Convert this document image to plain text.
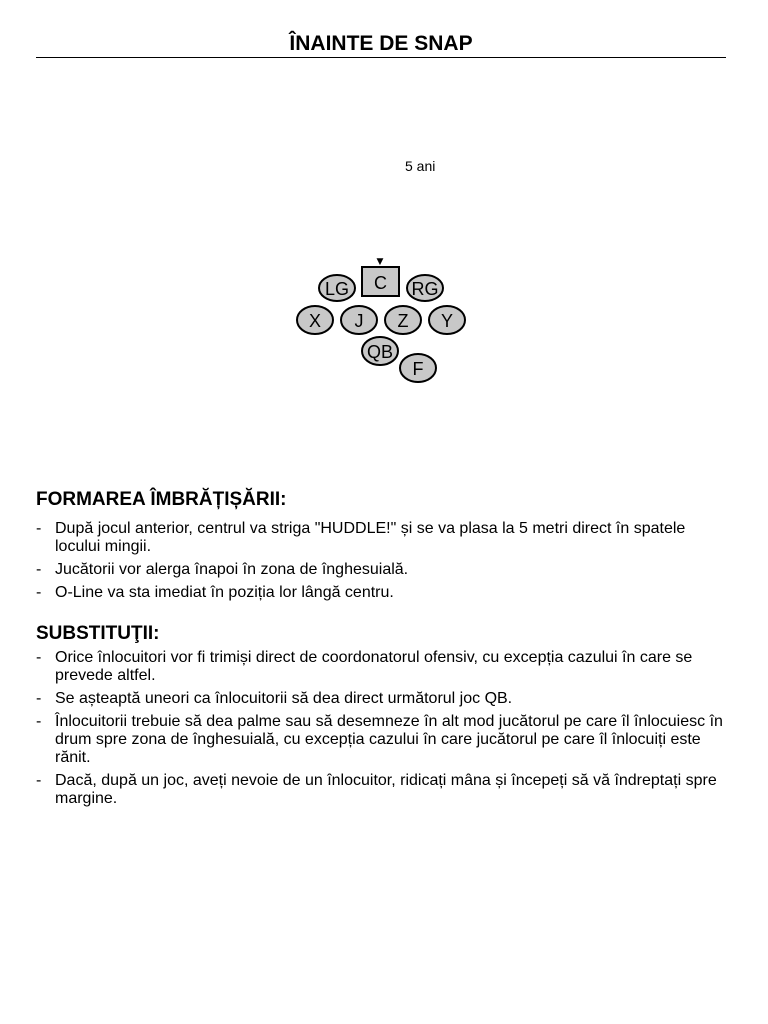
ÎNAINTE DE SNAP
5 ani
▼
C
LG	RG
X J Z Y
QB
F
FORMAREA ÎMBRĂȚIȘĂRII:
- După jocul anterior, centrul va striga "HUDDLE!" și se va plasa la 5 metri direct în spatele locului mingii.
- Jucătorii vor alerga înapoi în zona de înghesuială.
- O-Line va sta imediat în poziția lor lângă centru.
SUBSTITUŢII:
- Orice înlocuitori vor fi trimiși direct de coordonatorul ofensiv, cu excepția cazului în care se prevede altfel.
- Se așteaptă uneori ca înlocuitorii să dea direct următorul joc QB.
- Înlocuitorii trebuie să dea palme sau să desemneze în alt mod jucătorul pe care îl înlocuiesc în drum spre zona de înghesuială, cu excepția cazului în care jucătorul pe care îl înlocuiți este rănit.
- Dacă, după un joc, aveți nevoie de un înlocuitor, ridicați mâna și începeți să vă îndreptați spre margine.
